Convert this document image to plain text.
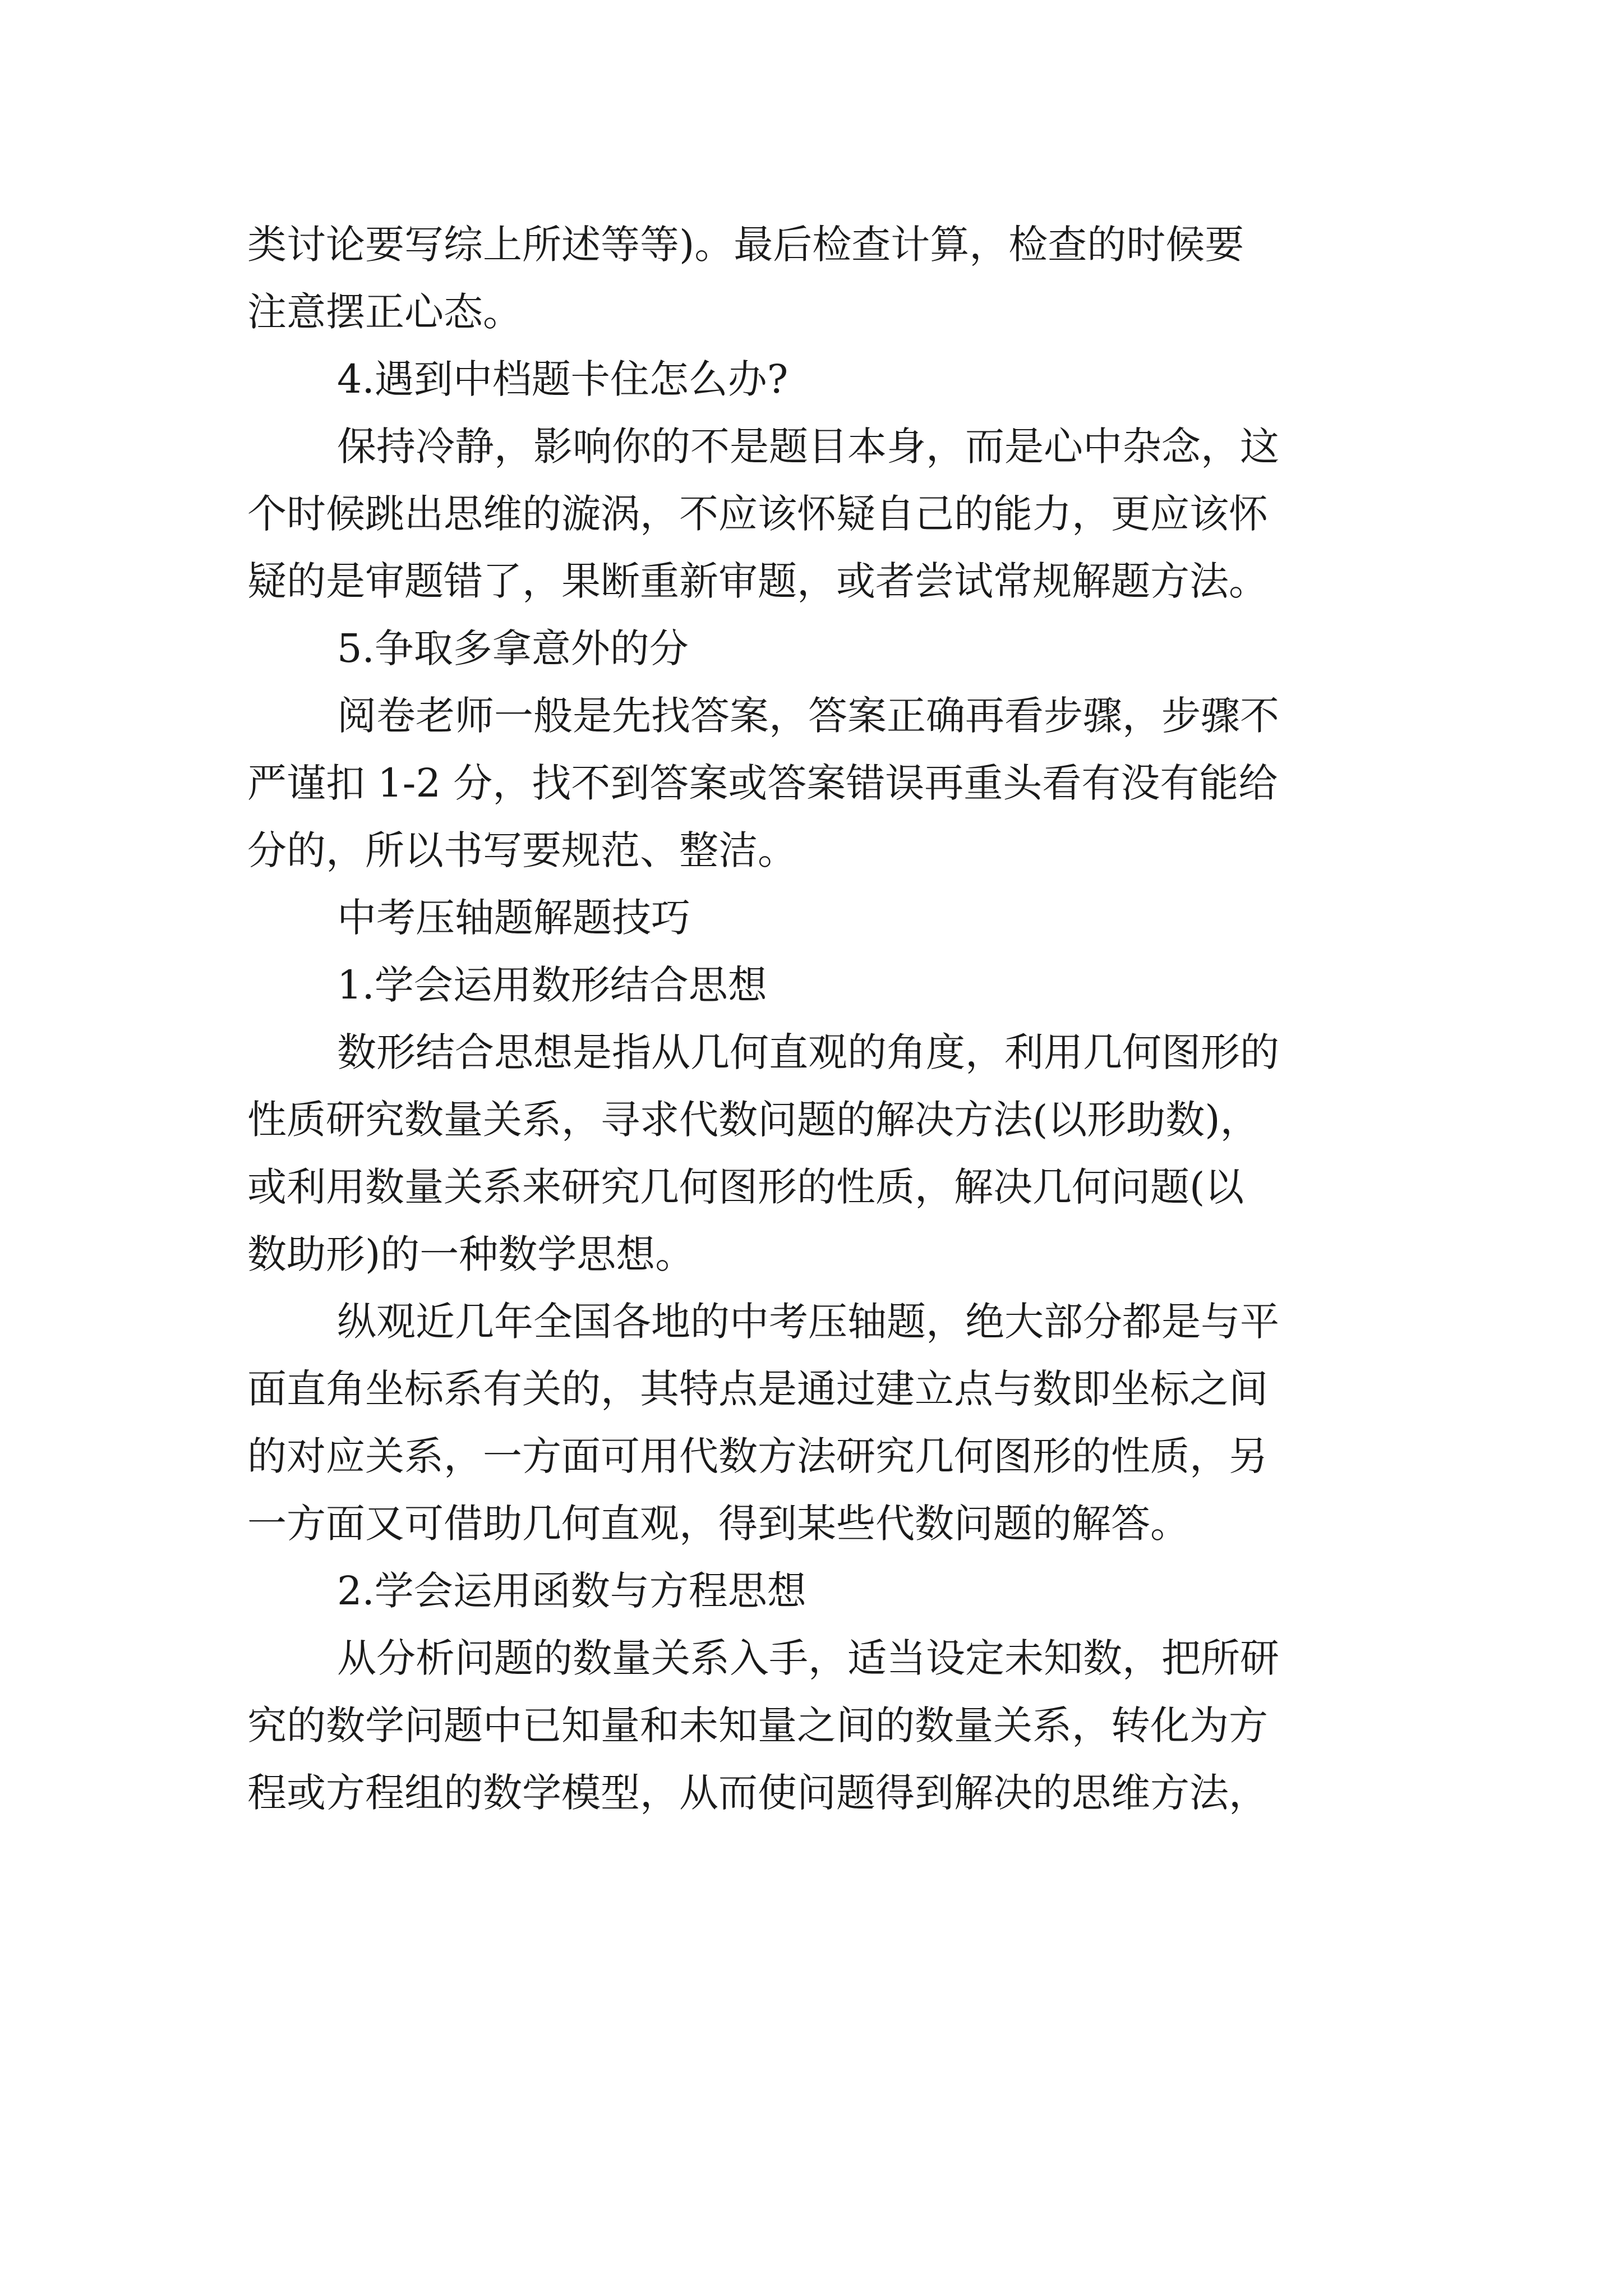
类讨论要写综上所述等等)。最后检查计算，检查的时候要
注意摆正心态。

4.遇到中档题卡住怎么办?

保持冷静，影响你的不是题目本身，而是心中杂念，这
个时候跳出思维的漩涡，不应该怀疑自己的能力，更应该怀
疑的是审题错了，果断重新审题，或者尝试常规解题方法。

5.争取多拿意外的分

阅卷老师一般是先找答案，答案正确再看步骤，步骤不
严谨扣 1-2 分，找不到答案或答案错误再重头看有没有能给
分的，所以书写要规范、整洁。

中考压轴题解题技巧

1.学会运用数形结合思想

数形结合思想是指从几何直观的角度，利用几何图形的
性质研究数量关系，寻求代数问题的解决方法(以形助数)，
或利用数量关系来研究几何图形的性质，解决几何问题(以
数助形)的一种数学思想。

纵观近几年全国各地的中考压轴题，绝大部分都是与平
面直角坐标系有关的，其特点是通过建立点与数即坐标之间
的对应关系，一方面可用代数方法研究几何图形的性质，另
一方面又可借助几何直观，得到某些代数问题的解答。

2.学会运用函数与方程思想

从分析问题的数量关系入手，适当设定未知数，把所研
究的数学问题中已知量和未知量之间的数量关系，转化为方
程或方程组的数学模型，从而使问题得到解决的思维方法，
